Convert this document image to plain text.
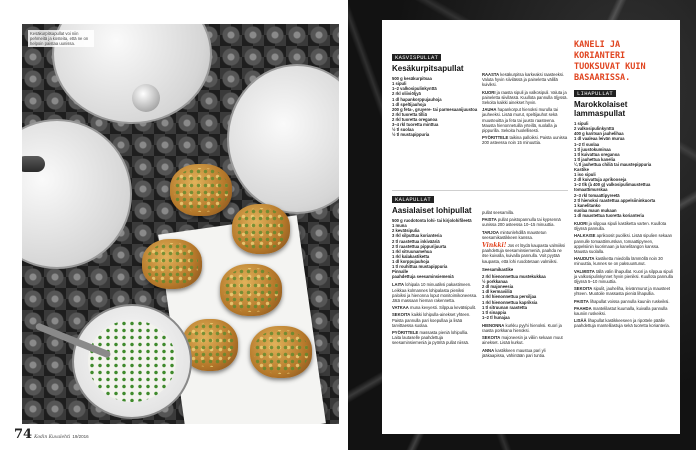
Kesäkurpitsapullat voi niin pehmeitä ja kosteita, että ne on helpoin paistaa uunissa.
74 Kodin Kuvalehti 19/2016
KASVISPULLAT
Kesäkurpitsapullat
500 g kesäkurpitsaa
1 sipuli
1–2 valkosipulinkynttä
2 rkl oliiviöljyä
1 dl hapankorppujauhoja
1 dl speltijauhoja
200 g feta-, gruyere- tai parmesaanijuustoa
2 rkl tuoretta tilliä
2 rkl tuoretta oreganoa
3–4 rkl tuoretta minttua
½ tl suolaa
½ tl mustapippuria

RAASTA kesäkurpitsa karkeaksi raasteeksi. Valuta hyvin siivilässä ja paineletta välillä kuiviksi.

KUORI ja raasta sipuli ja valkosipuli. Valuta ja paineletta siivilässä. Kuullota pannulla öljyssä. Sekoita kaikki ainekset hyvin.

JAUHA hapankorput hienoksi murulla tai jauheeksi. Lisää murut, speltijauhot sekä muusteuitta ja feta tai juusto raasteena. Mausta hienonnetuilla yrteillä, suolalla ja pippurilla. Sekoita huolellisesti.

PYÖRITTELE taikina palloiksi. Paista uunissa 200 asteessa noin 15 minuuttia.

KALAPULLAT
Aasialaiset lohipullat
500 g ruodotonta lohi- tai kirjolohifileetä
1 muna
2 kevätsipulia
3 rkl silputtua korianteria
2 tl raastettua inkivääriä
2 tl raastettua pippurijuurta
1 rkl sitruunamehua
1 rkl kalakastiketta
1 dl korppujauhoja
1 tl rouhittua mustapippuria
Pinnalle
paahdettuja seesaminsiemeniä

LAITA lohipala 10 minuutiksi pakastimeen. Leikkaa kolmannes lohipalasta pieniksi paloiksi ja hienonna loput monitoimikoneessa. Jätä massaan hieman rakennetta.

VATKAA muna kevyesti. Silppua kevätsipulit.

SEKOITA kaikki lohipulla-ainekset yhteen. Paista pannulla pari koepullaa ja lisää tarvittaessa suolaa.

PYÖRITTELE massasta pieniä lohipullia. Laita lautaselle paahdettuja seesaminsiemeniä ja pyöritä pullat niissä.

pullat seesamilla.

PAISTA pullat paistopannulla tai kypsennä uunissa 200 asteessa 10–15 minuuttia.

TARJOA mintunlehdillä maustetun seesamikastikkeen kanssa.

Vinkki! Jos et löydä kaupasta valmiiksi paahdettuja seesaminsiemeniä, paahda ne itse kuivalla, kuivalla pannulla. Voit pyytää kaupasta, että lohi ruodotetaan valmiiksi.

Seesamikastike

2 rkl hienonnettua mustekukkaa
½ porkkanaa
2 dl majoneesia
1 dl kermaviiliä
1 rkl hienonnettua persiljaa
1 rkl hienonnettua kapriksia
1 tl sitruunan raastetta
1 tl sinappia
1–2 tl hunajaa

HIENONNA kurkku pyyhi hienoksi. Kuori ja raasta porkkana hienoksi.

SEKOITA majoneesin ja viiliin sekaan muut ainekset. Lisää kurkut.

ANNA kastikkeen maustua pari yli jääkaapissa, vähintään pari tuntia.

KANELI JA KORIANTERI TUOKSUVAT KUIN BASAARISSA.
LIHAPULLAT
Marokkolaiset lammaspullat
1 sipuli
2 valkosipulinkynttä
400 g karitsan jauhelihaa
1 dl vaaleaa leivän murua
1–2 tl suolaa
1 tl juustokuminaa
1 tl kuivattua oreganoa
1 tl jauhettua kanelia
¼ tl jauhettua chiliä tai maustepippuria
Kastike
1 iso sipuli
2 dl kuivattuja aprikooseja
1–2 tlk (à 400 g) valkosipulimaustettua tomaattimurskaa
2–3 rkl tomaattipyreetä
2 tl hienoksi raastettua appelsiininkuorta
1 kanelitanko
suolaa maun mukaan
1 dl maustettua tuoretta korianteria

KUORI ja silppua sipuli kastiketta varten. Kuullota öljyssä pannulla.

HALKAISE aprikoosit puoliksi. Lisää sipulien sekaan pannulle tomaattimurskan, tomaattipyreen, appelsiinin kuorimaan ja kanelitangon kanssa. Mausta suolalla.

HAUDUTA kastiketta miedolla lämmöllä noin 30 minuuttia, kunnes se on paksuuntunut.

VALMISTA tällä välin lihapullat. Kuori ja silppua sipuli ja valkosipulinkynnet hyvin pieniksi. Kuullota pannulla öljyssä 5–10 minuuttia.

SEKOITA sipulit, jauheliha, leivänmurut ja mausteet yhteen. Muotoile massasta pieniä lihapullia.

PAISTA lihapullat voissa pannulla kauniin ruskeiksi.

PAAHDA mantelilastut kuumalla, kuivalla pannulla kauniin ruskeiksi.

LISÄÄ lihapullat kastikkeeseen ja ripottele päälle paahdettuja mantelilastuja sekä tuoretta korianteria.
